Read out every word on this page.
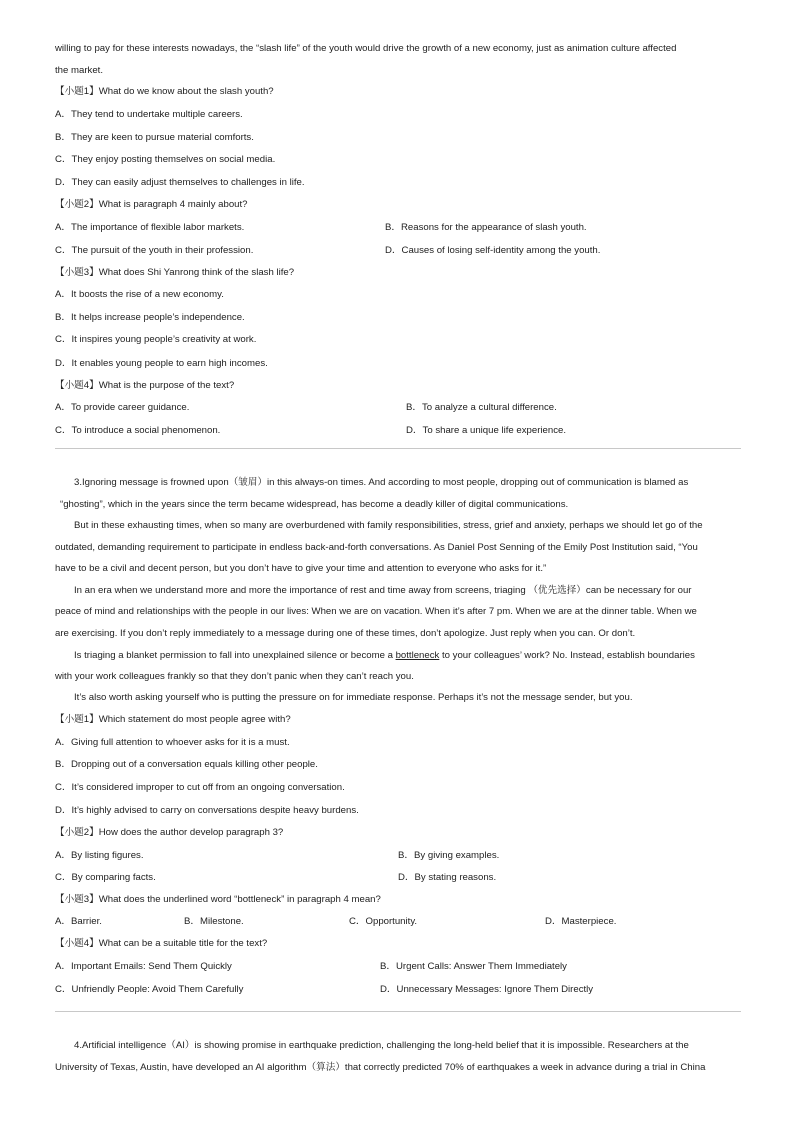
willing to pay for these interests nowadays, the “slash life” of the youth would drive the growth of a new economy, just as animation culture affected
the market.
【小题1】What do we know about the slash youth?
A．They tend to undertake multiple careers.
B．They are keen to pursue material comforts.
C．They enjoy posting themselves on social media.
D．They can easily adjust themselves to challenges in life.
【小题2】What is paragraph 4 mainly about?
A．The importance of flexible labor markets.	B．Reasons for the appearance of slash youth.
C．The pursuit of the youth in their profession.	D．Causes of losing self-identity among the youth.
【小题3】What does Shi Yanrong think of the slash life?
A．It boosts the rise of a new economy.
B．It helps increase people’s independence.
C．It inspires young people’s creativity at work.
D．It enables young people to earn high incomes.
【小题4】What is the purpose of the text?
A．To provide career guidance.	B．To analyze a cultural difference.
C．To introduce a social phenomenon.	D．To share a unique life experience.
3.Ignoring message is frowned upon（皱眉）in this always-on times. And according to most people, dropping out of communication is blamed as
“ghosting”, which in the years since the term became widespread, has become a deadly killer of digital communications.
But in these exhausting times, when so many are overburdened with family responsibilities, stress, grief and anxiety, perhaps we should let go of the
outdated, demanding requirement to participate in endless back-and-forth conversations. As Daniel Post Senning of the Emily Post Institution said, “You
have to be a civil and decent person, but you don’t have to give your time and attention to everyone who asks for it.”
In an era when we understand more and more the importance of rest and time away from screens, triaging （优先选择）can be necessary for our
peace of mind and relationships with the people in our lives: When we are on vacation. When it’s after 7 pm. When we are at the dinner table. When we
are exercising. If you don’t reply immediately to a message during one of these times, don’t apologize. Just reply when you can. Or don’t.
Is triaging a blanket permission to fall into unexplained silence or become a bottleneck to your colleagues’ work? No. Instead, establish boundaries
with your work colleagues frankly so that they don’t panic when they can’t reach you.
It’s also worth asking yourself who is putting the pressure on for immediate response. Perhaps it’s not the message sender, but you.
【小题1】Which statement do most people agree with?
A．Giving full attention to whoever asks for it is a must.
B．Dropping out of a conversation equals killing other people.
C．It’s considered improper to cut off from an ongoing conversation.
D．It’s highly advised to carry on conversations despite heavy burdens.
【小题2】How does the author develop paragraph 3?
A．By listing figures.	B．By giving examples.
C．By comparing facts.	D．By stating reasons.
【小题3】What does the underlined word “bottleneck” in paragraph 4 mean?
A．Barrier.	B．Milestone.	C．Opportunity.	D．Masterpiece.
【小题4】What can be a suitable title for the text?
A．Important Emails: Send Them Quickly	B．Urgent Calls: Answer Them Immediately
C．Unfriendly People: Avoid Them Carefully	D．Unnecessary Messages: Ignore Them Directly
4.Artificial intelligence（AI）is showing promise in earthquake prediction, challenging the long-held belief that it is impossible. Researchers at the
University of Texas, Austin, have developed an AI algorithm（算法）that correctly predicted 70% of earthquakes a week in advance during a trial in China
